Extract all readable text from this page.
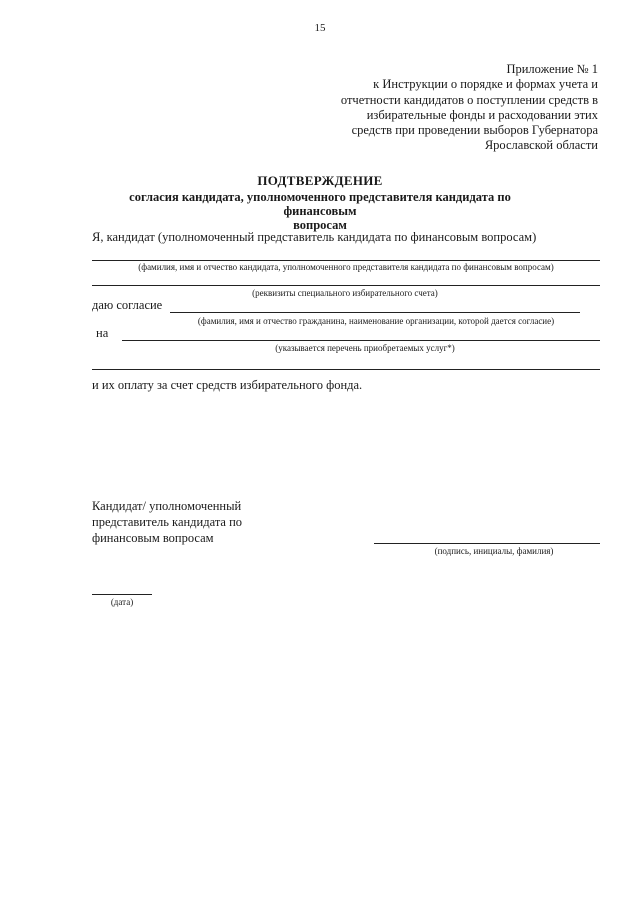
15
Приложение № 1
к Инструкции о порядке и формах учета и
отчетности кандидатов о поступлении средств в
избирательные фонды и расходовании этих
средств при проведении выборов Губернатора
Ярославской области
ПОДТВЕРЖДЕНИЕ
согласия кандидата, уполномоченного представителя кандидата по финансовым
вопросам
Я, кандидат (уполномоченный представитель кандидата по финансовым вопросам)
(фамилия, имя и отчество кандидата, уполномоченного представителя кандидата по финансовым вопросам)
(реквизиты специального избирательного счета)
даю согласие
(фамилия, имя и отчество гражданина, наименование организации, которой дается согласие)
на
(указывается перечень приобретаемых услуг*)
и их оплату за счет средств избирательного фонда.
Кандидат/ уполномоченный
представитель кандидата по
финансовым вопросам
(подпись, инициалы, фамилия)
(дата)
